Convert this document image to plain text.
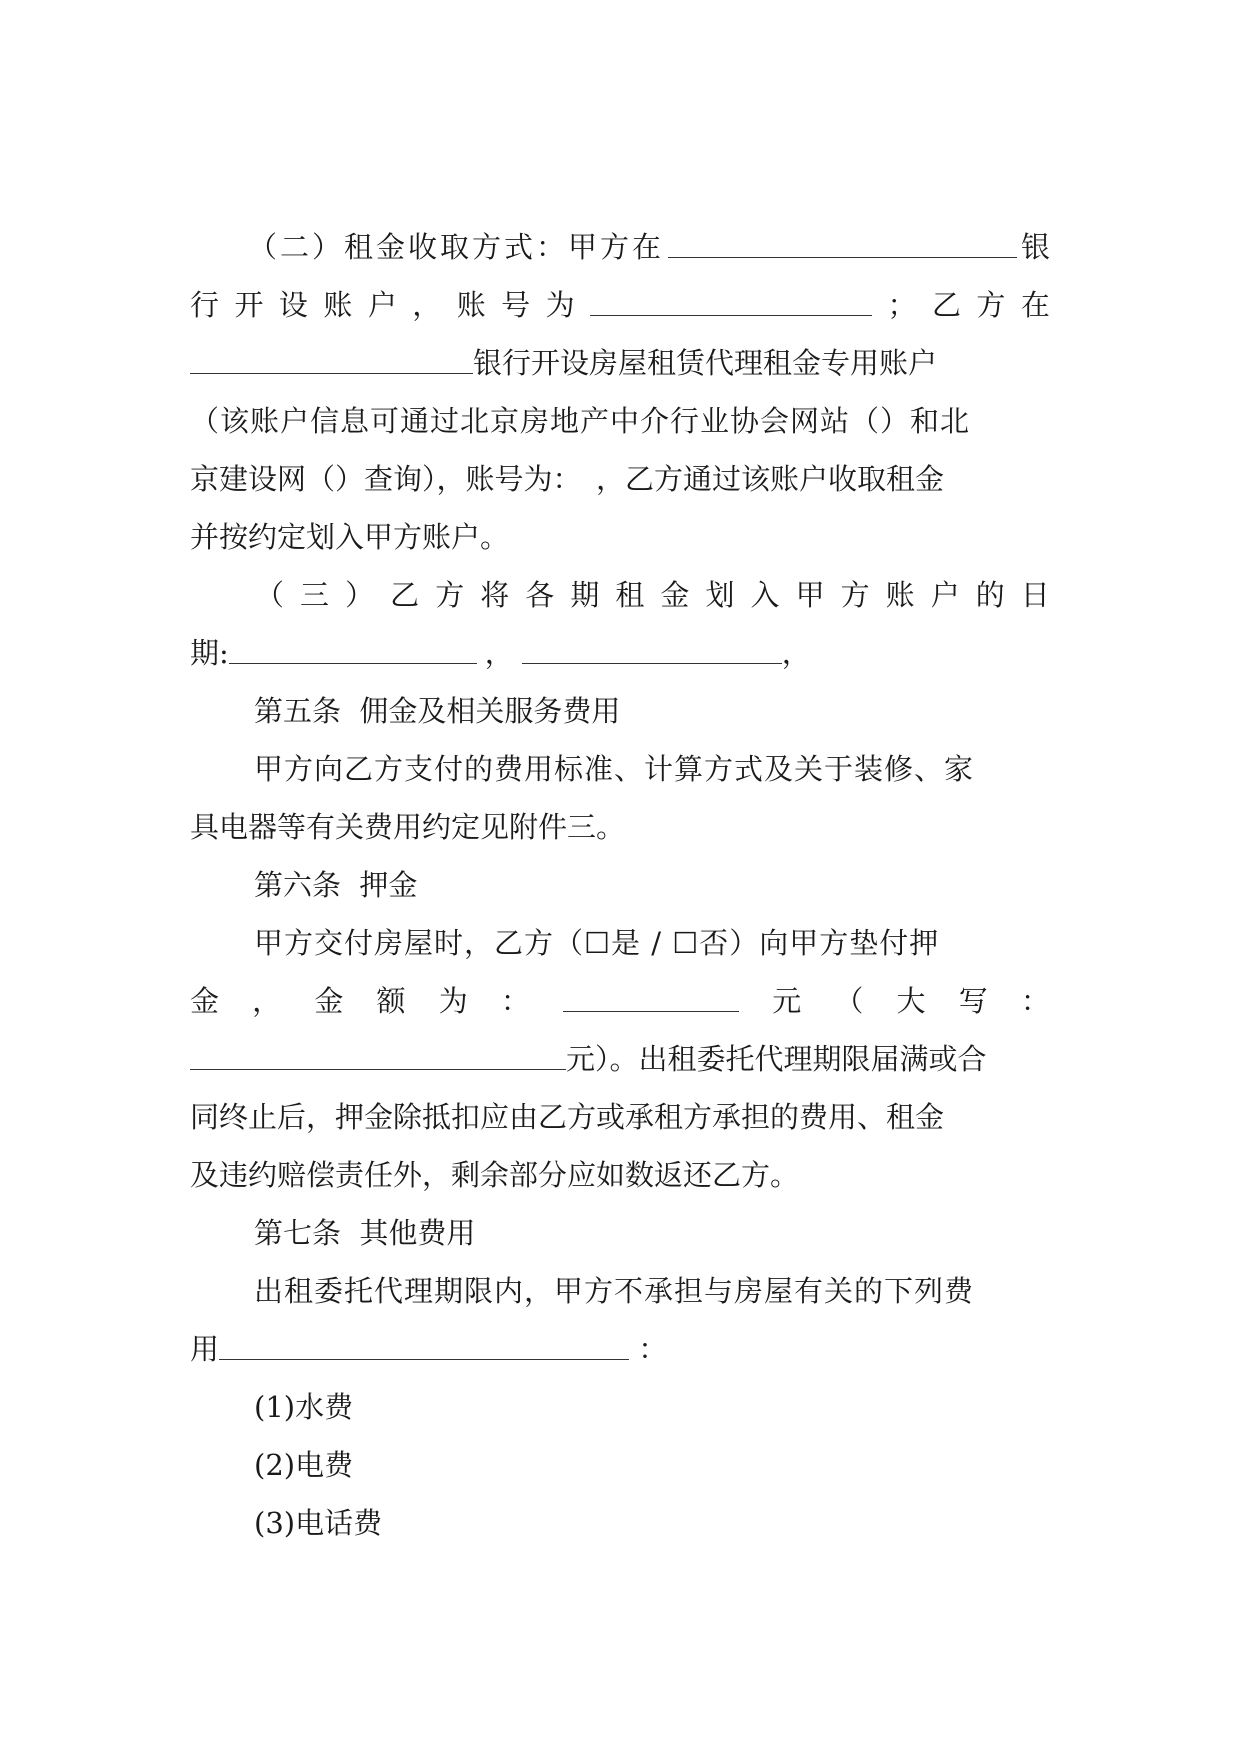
（二）租金收取方式：甲方在	银
行 开 设 账 户 ， 账 号 为	； 乙 方 在
银行开设房屋租赁代理租金专用账户
（该账户信息可通过北京房地产中介行业协会网站（）和北
京建设网（）查询），账号为：　，乙方通过该账户收取租金
并按约定划入甲方账户。
（ 三 ） 乙 方 将 各 期 租 金 划 入 甲 方 账 户 的 日
期:	，	，
第五条  佣金及相关服务费用
甲方向乙方支付的费用标准、计算方式及关于装修、家
具电器等有关费用约定见附件三。
第六条  押金
甲方交付房屋时，乙方（☐是 / ☐否）向甲方垫付押
金 ， 金 额 为 ：	元 （ 大 写 ：
元）。出租委托代理期限届满或合
同终止后，押金除抵扣应由乙方或承租方承担的费用、租金
及违约赔偿责任外，剩余部分应如数返还乙方。
第七条  其他费用
出租委托代理期限内，甲方不承担与房屋有关的下列费
用	：
(1)水费
(2)电费
(3)电话费
